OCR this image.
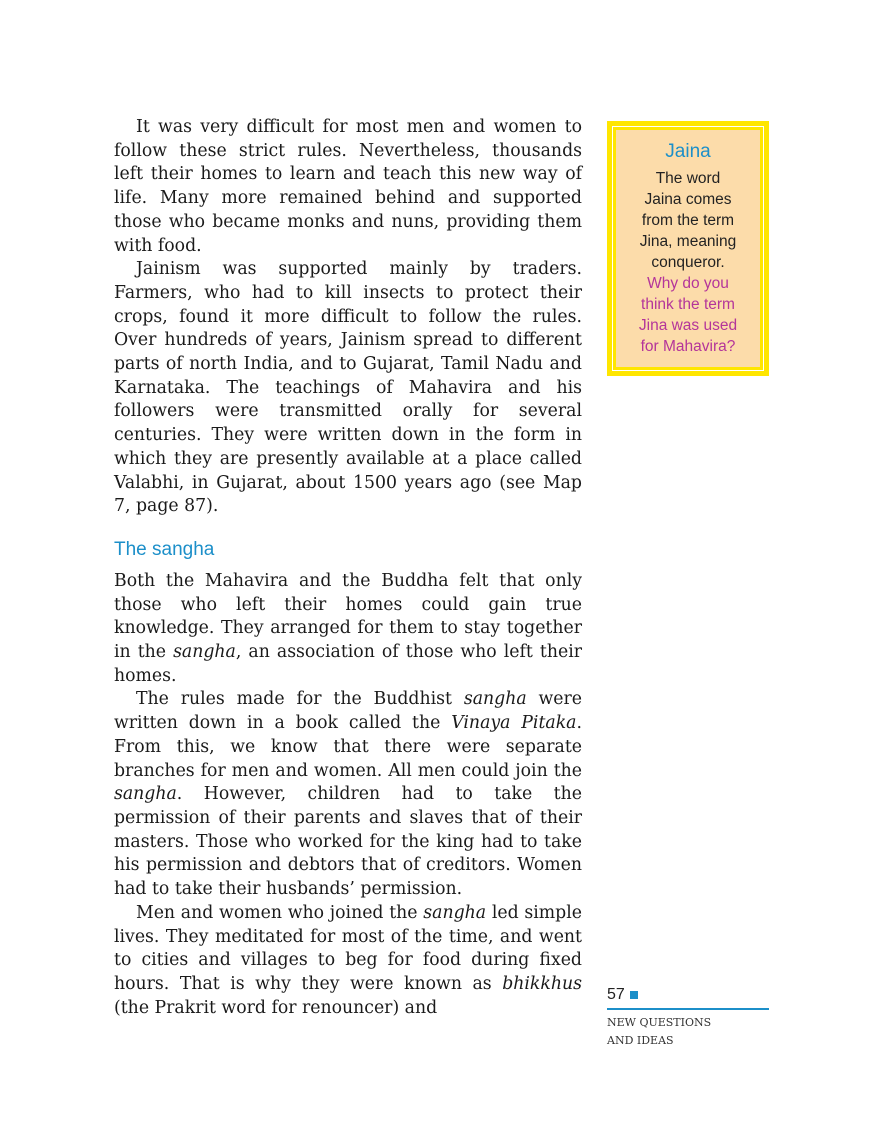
It was very difficult for most men and women to follow these strict rules. Nevertheless, thousands left their homes to learn and teach this new way of life. Many more remained behind and supported those who became monks and nuns, providing them with food.

Jainism was supported mainly by traders. Farmers, who had to kill insects to protect their crops, found it more difficult to follow the rules. Over hundreds of years, Jainism spread to different parts of north India, and to Gujarat, Tamil Nadu and Karnataka. The teachings of Mahavira and his followers were transmitted orally for several centuries. They were written down in the form in which they are presently available at a place called Valabhi, in Gujarat, about 1500 years ago (see Map 7, page 87).

The sangha

Both the Mahavira and the Buddha felt that only those who left their homes could gain true knowledge. They arranged for them to stay together in the sangha, an association of those who left their homes.

The rules made for the Buddhist sangha were written down in a book called the Vinaya Pitaka. From this, we know that there were separate branches for men and women. All men could join the sangha. However, children had to take the permission of their parents and slaves that of their masters. Those who worked for the king had to take his permission and debtors that of creditors. Women had to take their husbands’ permission.

Men and women who joined the sangha led simple lives. They meditated for most of the time, and went to cities and villages to beg for food during fixed hours. That is why they were known as bhikkhus (the Prakrit word for renouncer) and

Jaina
The word
Jaina comes
from the term
Jina, meaning
conqueror.
Why do you
think the term
Jina was used
for Mahavira?
57
NEW QUESTIONS
AND IDEAS
